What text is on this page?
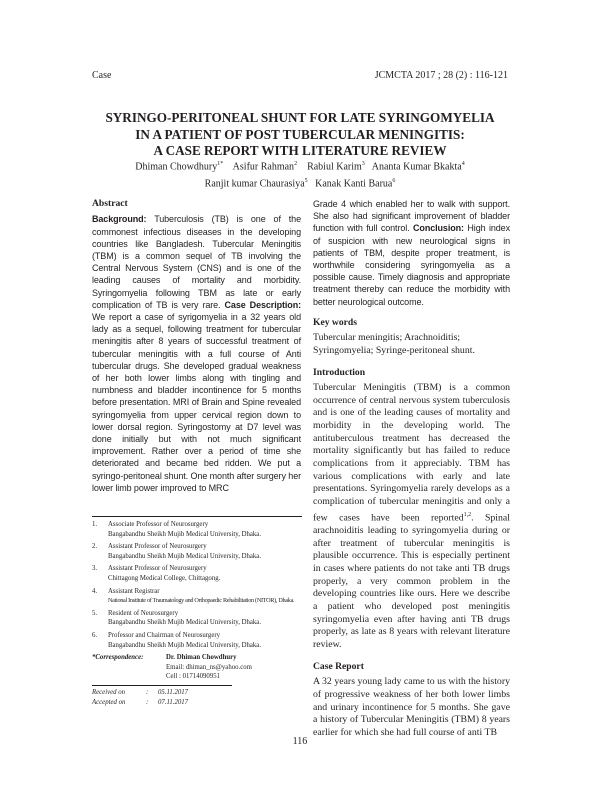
Case	JCMCTA 2017 ; 28 (2) : 116-121
SYRINGO-PERITONEAL SHUNT FOR LATE SYRINGOMYELIA
IN A PATIENT OF POST TUBERCULAR MENINGITIS:
A CASE REPORT WITH LITERATURE REVIEW
Dhiman Chowdhury$^{1*}$ Asifur Rahman$^2$ Rabiul Karim$^3$ Ananta Kumar Bkakta$^4$
Ranjit kumar Chaurasiya$^5$ Kanak Kanti Barua$^6$
Abstract

Background: Tuberculosis (TB) is one of the commonest infectious diseases in the developing countries like Bangladesh. Tubercular Meningitis (TBM) is a common sequel of TB involving the Central Nervous System (CNS) and is one of the leading causes of mortality and morbidity. Syringomyelia following TBM as late or early complication of TB is very rare. Case Description: We report a case of syrigomyelia in a 32 years old lady as a sequel, following treatment for tubercular meningitis after 8 years of successful treatment of tubercular meningitis with a full course of Anti tubercular drugs. She developed gradual weakness of her both lower limbs along with tingling and numbness and bladder incontinence for 5 months before presentation. MRI of Brain and Spine revealed syringomyelia from upper cervical region down to lower dorsal region. Syringostomy at D7 level was done initially but with not much significant improvement. Rather over a period of time she deteriorated and became bed ridden. We put a syringo-peritoneal shunt. One month after surgery her lower limb power improved to MRC

Grade 4 which enabled her to walk with support. She also had significant improvement of bladder function with full control. Conclusion: High index of suspicion with new neurological signs in patients of TBM, despite proper treatment, is worthwhile considering syringomyelia as a possible cause. Timely diagnosis and appropriate treatment thereby can reduce the morbidity with better neurological outcome.

Key words

Tubercular meningitis; Arachnoiditis; Syringomyelia; Syringe-peritoneal shunt.

Introduction

Tubercular Meningitis (TBM) is a common occurrence of central nervous system tuberculosis and is one of the leading causes of mortality and morbidity in the developing world. The antituberculous treatment has decreased the mortality significantly but has failed to reduce complications from it appreciably. TBM has various complications with early and late presentations. Syringomyelia rarely develops as a complication of tubercular meningitis and only a few cases have been reported$^{1,2}$. Spinal arachnoiditis leading to syringomyelia during or after treatment of tubercular meningitis is plausible occurrence. This is especially pertinent in cases where patients do not take anti TB drugs properly, a very common problem in the developing countries like ours. Here we describe a patient who developed post meningitis syringomyelia even after having anti TB drugs properly, as late as 8 years with relevant literature review.

Case Report

A 32 years young lady came to us with the history of progressive weakness of her both lower limbs and urinary incontinence for 5 months. She gave a history of Tubercular Meningitis (TBM) 8 years earlier for which she had full course of anti TB

1.	Associate Professor of Neurosurgery
Bangabandhu Sheikh Mujib Medical University, Dhaka.
2.	Assistant Professor of Neurosurgery
Bangabandhu Sheikh Mujib Medical University, Dhaka.
3.	Assistant Professor of Neurosurgery
Chittagong Medical College, Chittagong.
4.	Assistant Registrar
National Institute of Traumatology and Orthopaedic Rehabilitation (NITOR), Dhaka.
5.	Resident of Neurosurgery
Bangabandhu Sheikh Mujib Medical University, Dhaka.
6.	Professor and Chairman of Neurosurgery
Bangabandhu Sheikh Mujib Medical University, Dhaka.
*Correspondence:	Dr. Dhiman Chowdhury
Email: dhiman_ns@yahoo.com
Cell : 01714090951
Received on	:	05.11.2017
Accepted on	:	07.11.2017
116
